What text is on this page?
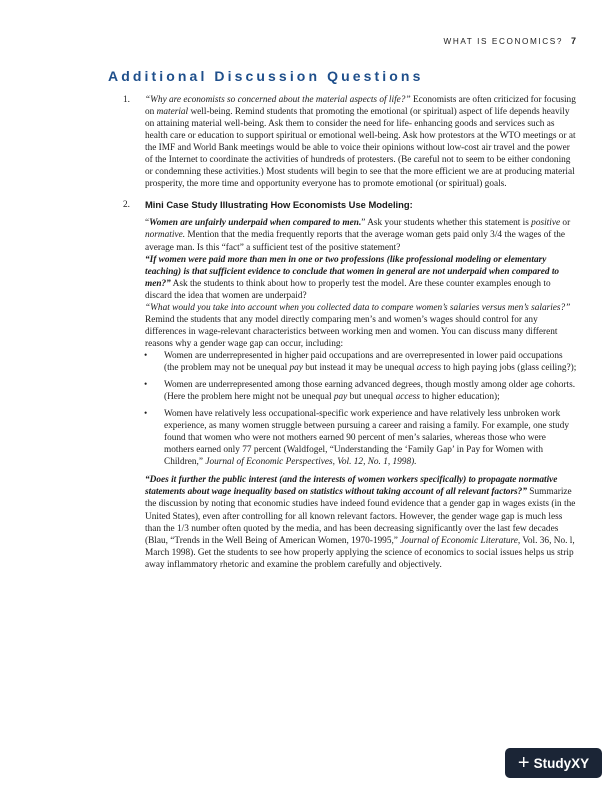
WHAT IS ECONOMICS? 7
Additional Discussion Questions
1. “Why are economists so concerned about the material aspects of life?” Economists are often criticized for focusing on material well-being. Remind students that promoting the emotional (or spiritual) aspect of life depends heavily on attaining material well-being. Ask them to consider the need for life- enhancing goods and services such as health care or education to support spiritual or emotional well-being. Ask how protestors at the WTO meetings or at the IMF and World Bank meetings would be able to voice their opinions without low-cost air travel and the power of the Internet to coordinate the activities of hundreds of protesters. (Be careful not to seem to be either condoning or condemning these activities.) Most students will begin to see that the more efficient we are at producing material prosperity, the more time and opportunity everyone has to promote emotional (or spiritual) goals.

2. Mini Case Study Illustrating How Economists Use Modeling:

“Women are unfairly underpaid when compared to men.” Ask your students whether this statement is positive or normative. Mention that the media frequently reports that the average woman gets paid only 3/4 the wages of the average man. Is this “fact” a sufficient test of the positive statement?

“If women were paid more than men in one or two professions (like professional modeling or elementary teaching) is that sufficient evidence to conclude that women in general are not underpaid when compared to men?” Ask the students to think about how to properly test the model. Are these counter examples enough to discard the idea that women are underpaid?

“What would you take into account when you collected data to compare women’s salaries versus men’s salaries?” Remind the students that any model directly comparing men’s and women’s wages should control for any differences in wage-relevant characteristics between working men and women. You can discuss many different reasons why a gender wage gap can occur, including:

• Women are underrepresented in higher paid occupations and are overrepresented in lower paid occupations (the problem may not be unequal pay but instead it may be unequal access to high paying jobs (glass ceiling?);
• Women are underrepresented among those earning advanced degrees, though mostly among older age cohorts. (Here the problem here might not be unequal pay but unequal access to higher education);
• Women have relatively less occupational-specific work experience and have relatively less unbroken work experience, as many women struggle between pursuing a career and raising a family. For example, one study found that women who were not mothers earned 90 percent of men’s salaries, whereas those who were mothers earned only 77 percent (Waldfogel, “Understanding the ‘Family Gap’ in Pay for Women with Children,” Journal of Economic Perspectives, Vol. 12, No. 1, 1998).

“Does it further the public interest (and the interests of women workers specifically) to propagate normative statements about wage inequality based on statistics without taking account of all relevant factors?” Summarize the discussion by noting that economic studies have indeed found evidence that a gender gap in wages exists (in the United States), even after controlling for all known relevant factors. However, the gender wage gap is much less than the 1/3 number often quoted by the media, and has been decreasing significantly over the last few decades (Blau, “Trends in the Well Being of American Women, 1970-1995,” Journal of Economic Literature, Vol. 36, No. l, March 1998). Get the students to see how properly applying the science of economics to social issues helps us strip away inflammatory rhetoric and examine the problem carefully and objectively.

+ StudyXY
